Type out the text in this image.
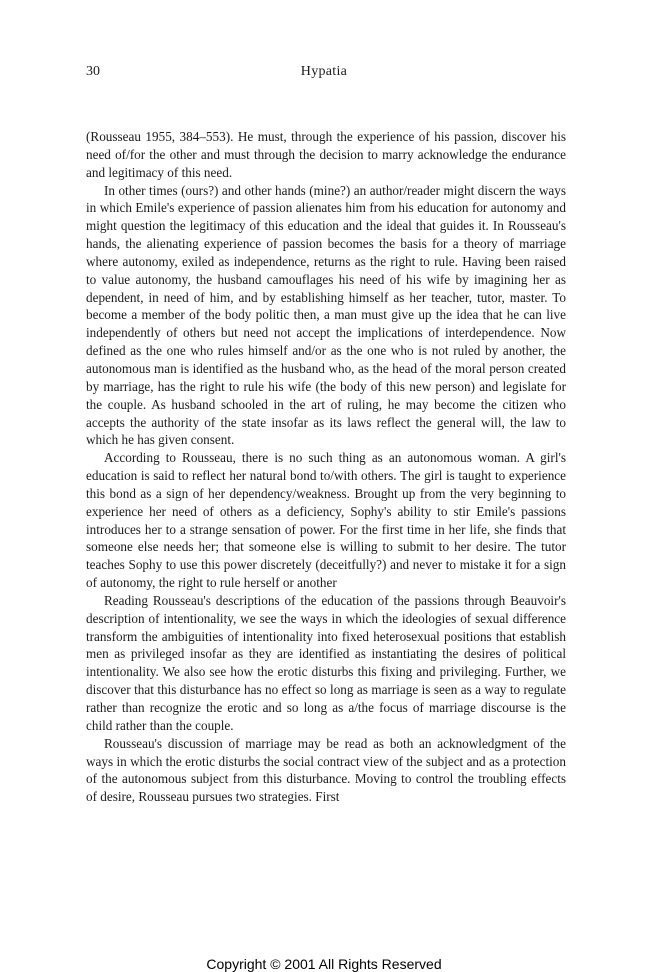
30	Hypatia

(Rousseau 1955, 384–553). He must, through the experience of his passion, discover his need of/for the other and must through the decision to marry acknowledge the endurance and legitimacy of this need.

In other times (ours?) and other hands (mine?) an author/reader might discern the ways in which Emile's experience of passion alienates him from his education for autonomy and might question the legitimacy of this education and the ideal that guides it. In Rousseau's hands, the alienating experience of passion becomes the basis for a theory of marriage where autonomy, exiled as independence, returns as the right to rule. Having been raised to value autonomy, the husband camouflages his need of his wife by imagining her as dependent, in need of him, and by establishing himself as her teacher, tutor, master. To become a member of the body politic then, a man must give up the idea that he can live independently of others but need not accept the implications of interdependence. Now defined as the one who rules himself and/or as the one who is not ruled by another, the autonomous man is identified as the husband who, as the head of the moral person created by marriage, has the right to rule his wife (the body of this new person) and legislate for the couple. As husband schooled in the art of ruling, he may become the citizen who accepts the authority of the state insofar as its laws reflect the general will, the law to which he has given consent.

According to Rousseau, there is no such thing as an autonomous woman. A girl's education is said to reflect her natural bond to/with others. The girl is taught to experience this bond as a sign of her dependency/weakness. Brought up from the very beginning to experience her need of others as a deficiency, Sophy's ability to stir Emile's passions introduces her to a strange sensation of power. For the first time in her life, she finds that someone else needs her; that someone else is willing to submit to her desire. The tutor teaches Sophy to use this power discretely (deceitfully?) and never to mistake it for a sign of autonomy, the right to rule herself or another

Reading Rousseau's descriptions of the education of the passions through Beauvoir's description of intentionality, we see the ways in which the ideologies of sexual difference transform the ambiguities of intentionality into fixed heterosexual positions that establish men as privileged insofar as they are identified as instantiating the desires of political intentionality. We also see how the erotic disturbs this fixing and privileging. Further, we discover that this disturbance has no effect so long as marriage is seen as a way to regulate rather than recognize the erotic and so long as a/the focus of marriage discourse is the child rather than the couple.

Rousseau's discussion of marriage may be read as both an acknowledgment of the ways in which the erotic disturbs the social contract view of the subject and as a protection of the autonomous subject from this disturbance. Moving to control the troubling effects of desire, Rousseau pursues two strategies. First

Copyright © 2001 All Rights Reserved
